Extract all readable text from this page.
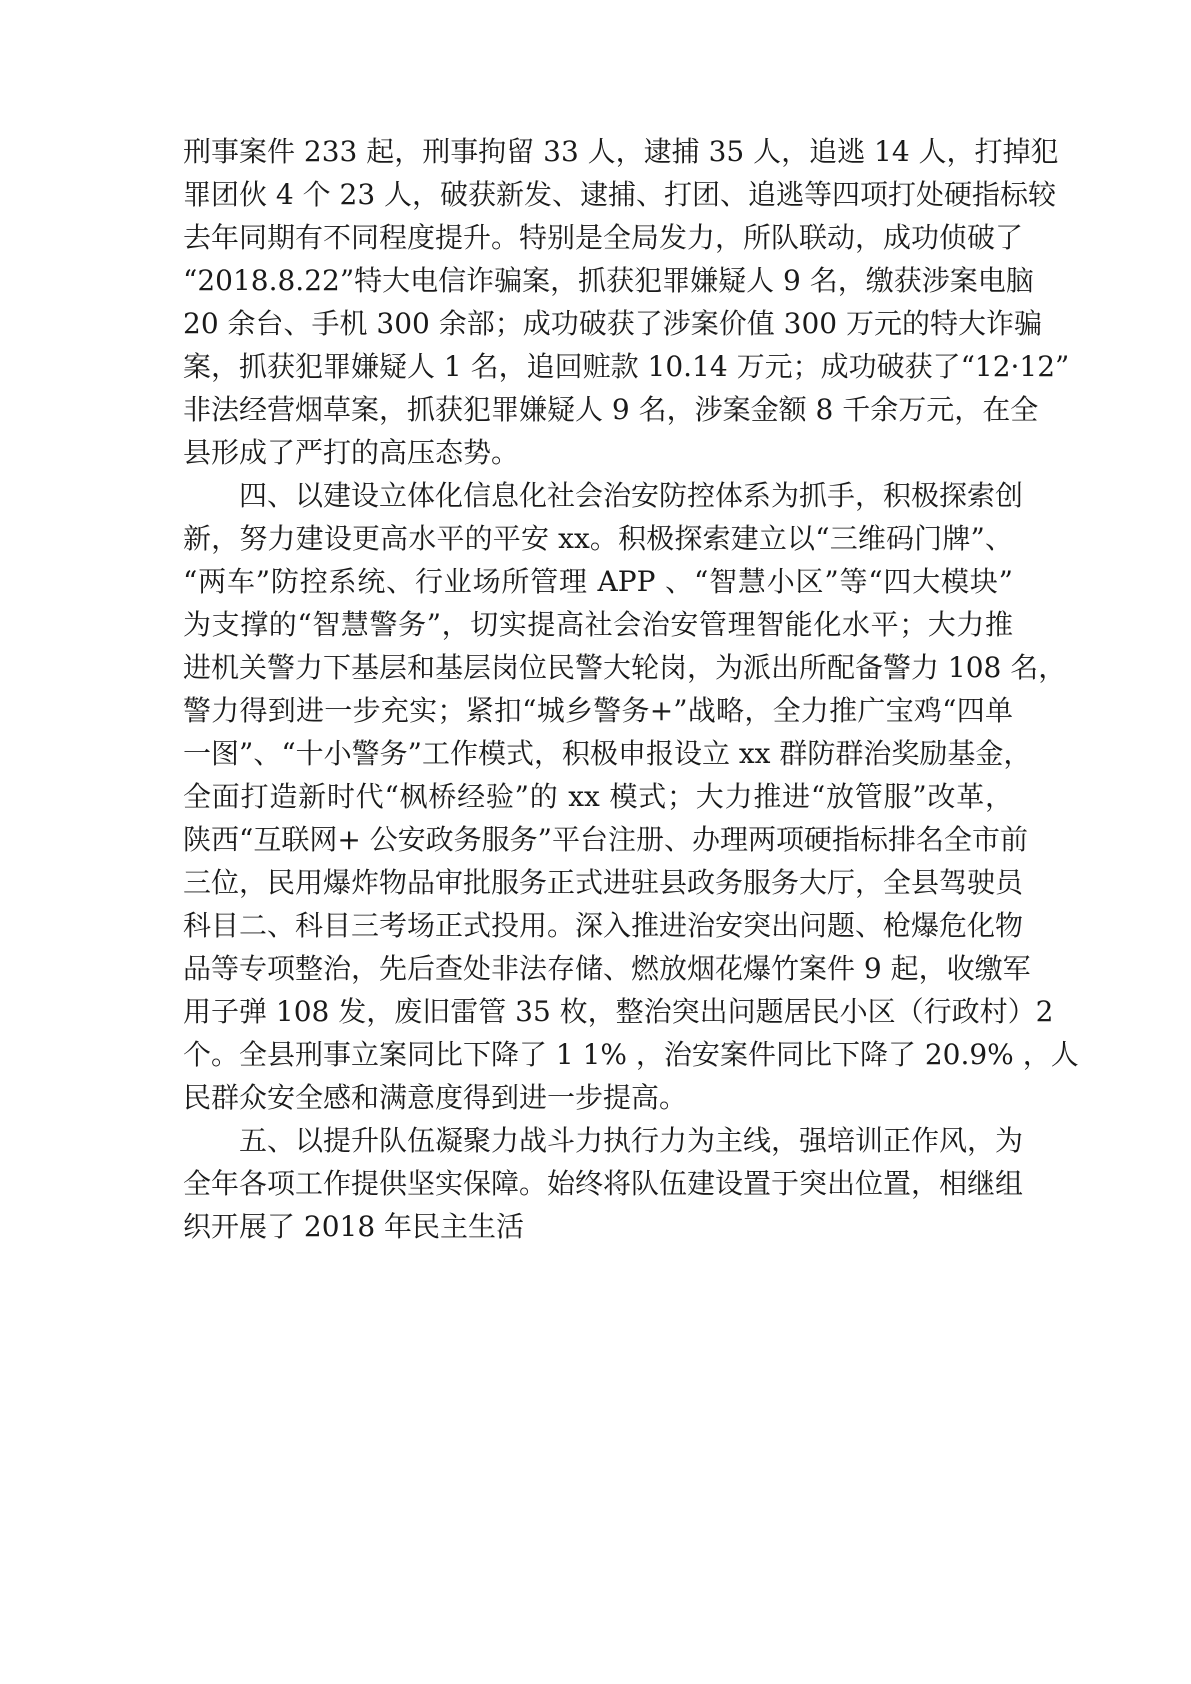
刑事案件 233 起，刑事拘留 33 人，逮捕 35 人，追逃 14 人，打掉犯
罪团伙 4 个 23 人，破获新发、逮捕、打团、追逃等四项打处硬指标较
去年同期有不同程度提升。特别是全局发力，所队联动，成功侦破了
“2018.8.22”特大电信诈骗案，抓获犯罪嫌疑人 9 名，缴获涉案电脑
20 余台、手机 300 余部；成功破获了涉案价值 300 万元的特大诈骗
案，抓获犯罪嫌疑人 1 名，追回赃款 10.14 万元；成功破获了“12·12”
非法经营烟草案，抓获犯罪嫌疑人 9 名，涉案金额 8 千余万元，在全
县形成了严打的高压态势。
四、以建设立体化信息化社会治安防控体系为抓手，积极探索创
新，努力建设更高水平的平安 xx。积极探索建立以“三维码门牌”、
“两车”防控系统、行业场所管理 APP 、“智慧小区”等“四大模块”
为支撑的“智慧警务”，切实提高社会治安管理智能化水平；大力推
进机关警力下基层和基层岗位民警大轮岗，为派出所配备警力 108 名，
警力得到进一步充实；紧扣“城乡警务+”战略，全力推广宝鸡“四单
一图”、“十小警务”工作模式，积极申报设立 xx 群防群治奖励基金，
全面打造新时代“枫桥经验”的 xx 模式；大力推进“放管服”改革，
陕西“互联网+ 公安政务服务”平台注册、办理两项硬指标排名全市前
三位，民用爆炸物品审批服务正式进驻县政务服务大厅，全县驾驶员
科目二、科目三考场正式投用。深入推进治安突出问题、枪爆危化物
品等专项整治，先后查处非法存储、燃放烟花爆竹案件 9 起，收缴军
用子弹 108 发，废旧雷管 35 枚，整治突出问题居民小区（行政村）2
个。全县刑事立案同比下降了 1 1% ，治安案件同比下降了 20.9% ，人
民群众安全感和满意度得到进一步提高。
五、以提升队伍凝聚力战斗力执行力为主线，强培训正作风，为
全年各项工作提供坚实保障。始终将队伍建设置于突出位置，相继组
织开展了 2018 年民主生活
